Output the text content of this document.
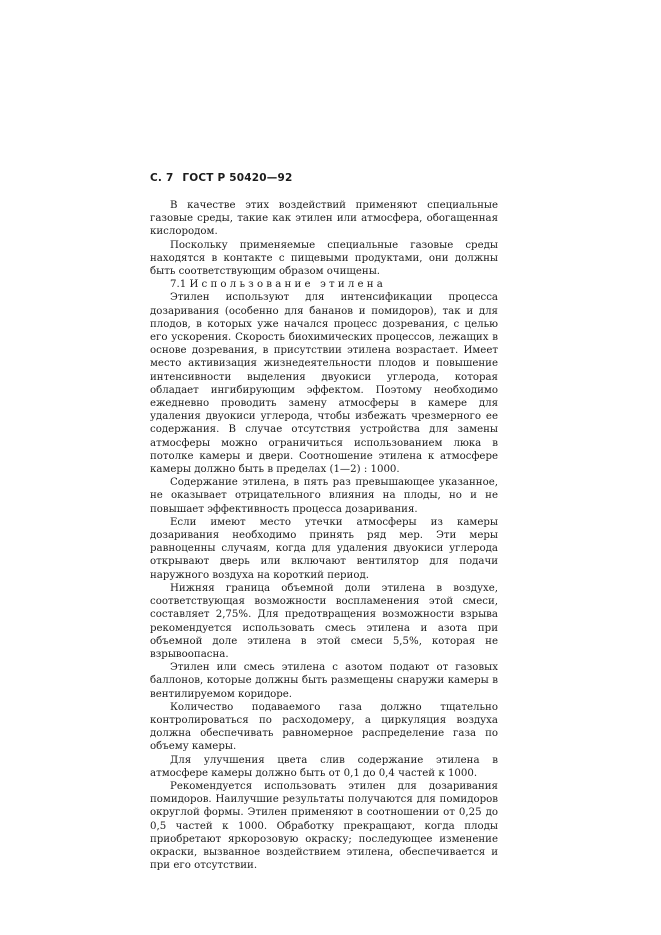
С. 7 ГОСТ Р 50420—92

В качестве этих воздействий применяют специальные газовые среды, такие как этилен или атмосфера, обогащенная кислородом.

Поскольку применяемые специальные газовые среды находятся в контакте с пищевыми продуктами, они должны быть соответствующим образом очищены.

7.1 Использование этилена

Этилен используют для интенсификации процесса дозаривания (особенно для бананов и помидоров), так и для плодов, в которых уже начался процесс дозревания, с целью его ускорения. Скорость биохимических процессов, лежащих в основе дозревания, в присутствии этилена возрастает. Имеет место активизация жизнедеятельности плодов и повышение интенсивности выделения двуокиси углерода, которая обладает ингибирующим эффектом. Поэтому необходимо ежедневно проводить замену атмосферы в камере для удаления двуокиси углерода, чтобы избежать чрезмерного ее содержания. В случае отсутствия устройства для замены атмосферы можно ограничиться использованием люка в потолке камеры и двери. Соотношение этилена к атмосфере камеры должно быть в пределах (1—2) : 1000.

Содержание этилена, в пять раз превышающее указанное, не оказывает отрицательного влияния на плоды, но и не повышает эффективность процесса дозаривания.

Если имеют место утечки атмосферы из камеры дозаривания необходимо принять ряд мер. Эти меры равноценны случаям, когда для удаления двуокиси углерода открывают дверь или включают вентилятор для подачи наружного воздуха на короткий период.

Нижняя граница объемной доли этилена в воздухе, соответствующая возможности воспламенения этой смеси, составляет 2,75%. Для предотвращения возможности взрыва рекомендуется использовать смесь этилена и азота при объемной доле этилена в этой смеси 5,5%, которая не взрывоопасна.

Этилен или смесь этилена с азотом подают от газовых баллонов, которые должны быть размещены снаружи камеры в вентилируемом коридоре.

Количество подаваемого газа должно тщательно контролироваться по расходомеру, а циркуляция воздуха должна обеспечивать равномерное распределение газа по объему камеры.

Для улучшения цвета слив содержание этилена в атмосфере камеры должно быть от 0,1 до 0,4 частей к 1000.

Рекомендуется использовать этилен для дозаривания помидоров. Наилучшие результаты получаются для помидоров округлой формы. Этилен применяют в соотношении от 0,25 до 0,5 частей к 1000. Обработку прекращают, когда плоды приобретают яркорозовую окраску; последующее изменение окраски, вызванное воздействием этилена, обеспечивается и при его отсутствии.
